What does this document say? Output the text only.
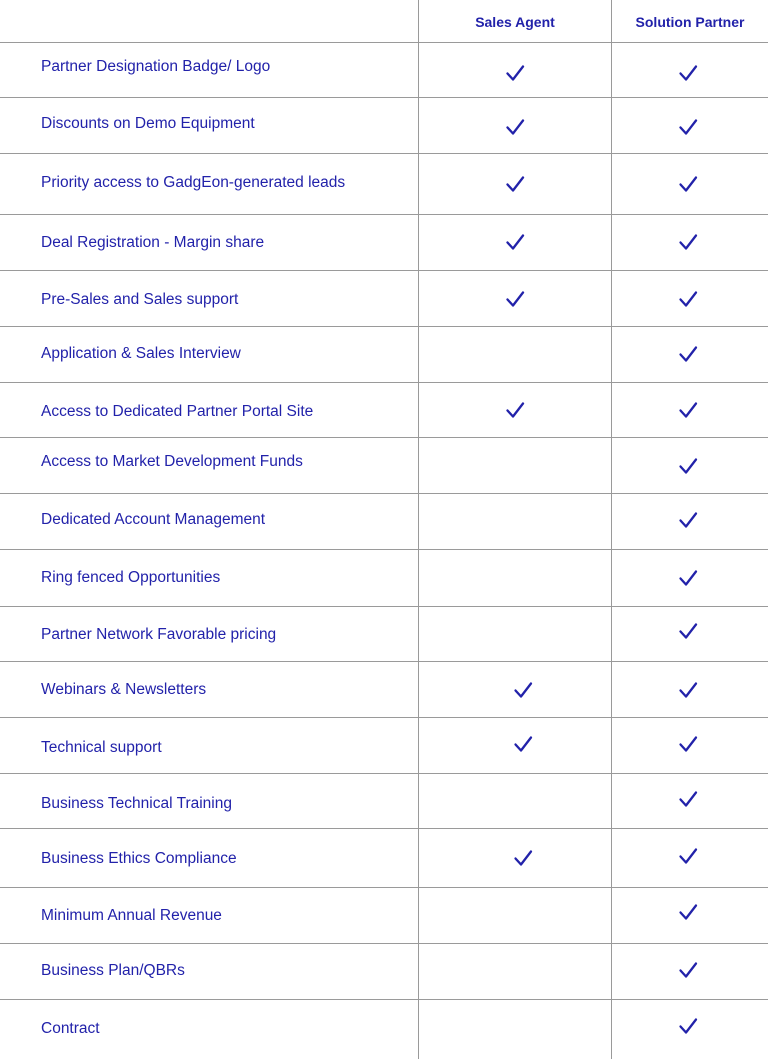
Sales Agent	Solution Partner
Partner Designation Badge/ Logo
Discounts on Demo Equipment
Priority access to GadgEon-generated leads
Deal Registration - Margin share
Pre-Sales and Sales support
Application & Sales Interview
Access to Dedicated Partner Portal Site
Access to Market Development Funds
Dedicated Account Management
Ring fenced Opportunities
Partner Network Favorable pricing
Webinars & Newsletters
Technical support
Business Technical Training
Business Ethics Compliance
Minimum Annual Revenue
Business Plan/QBRs
Contract
